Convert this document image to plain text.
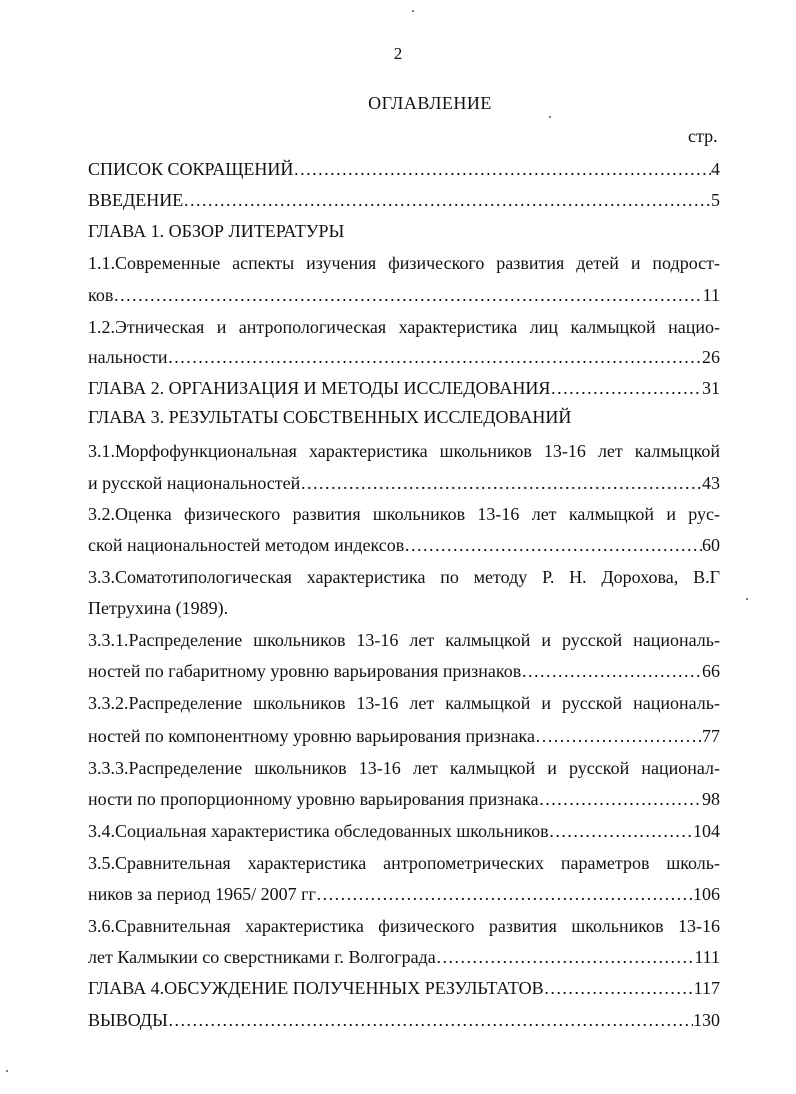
2
ОГЛАВЛЕНИЕ
стр.
СПИСОК СОКРАЩЕНИЙ ………………………………………………………………………………………………………………………………………………	4
ВВЕДЕНИЕ ………………………………………………………………………………………………………………………………………………	5
ГЛАВА 1. ОБЗОР ЛИТЕРАТУРЫ
1.1.Современные аспекты изучения физического развития детей и подрост-
ков ………………………………………………………………………………………………………………………………………………	11
1.2.Этническая и антропологическая характеристика лиц калмыцкой нацио-
нальности ………………………………………………………………………………………………………………………………………………	26
ГЛАВА 2. ОРГАНИЗАЦИЯ И МЕТОДЫ ИССЛЕДОВАНИЯ ………………………………………………………………………………………………………………………………………………	31
ГЛАВА 3. РЕЗУЛЬТАТЫ СОБСТВЕННЫХ ИССЛЕДОВАНИЙ
3.1.Морфофункциональная характеристика школьников 13-16 лет калмыцкой
и русской национальностей ………………………………………………………………………………………………………………………………………………	43
3.2.Оценка физического развития школьников 13-16 лет калмыцкой и рус-
ской национальностей методом индексов ………………………………………………………………………………………………………………………………………………	60
3.3.Соматотипологическая характеристика по методу Р. Н. Дорохова, В.Г
Петрухина (1989).
3.3.1.Распределение школьников 13-16 лет калмыцкой и русской националь-
ностей по габаритному уровню варьирования признаков ………………………………………………………………………………………………………………………………………………	66
3.3.2.Распределение школьников 13-16 лет калмыцкой и русской националь-
ностей по компонентному уровню варьирования признака ………………………………………………………………………………………………………………………………………………	77
3.3.3.Распределение школьников 13-16 лет калмыцкой и русской национал-
ности по пропорционному уровню варьирования признака ………………………………………………………………………………………………………………………………………………	98
3.4.Социальная характеристика обследованных школьников ………………………………………………………………………………………………………………………………………………	104
3.5.Сравнительная характеристика антропометрических параметров школь-
ников за период 1965/ 2007 гг ………………………………………………………………………………………………………………………………………………	106
3.6.Сравнительная характеристика физического развития школьников 13-16
лет Калмыкии со сверстниками г. Волгограда ………………………………………………………………………………………………………………………………………………	111
ГЛАВА 4.ОБСУЖДЕНИЕ ПОЛУЧЕННЫХ РЕЗУЛЬТАТОВ ………………………………………………………………………………………………………………………………………………	117
ВЫВОДЫ ………………………………………………………………………………………………………………………………………………	130
